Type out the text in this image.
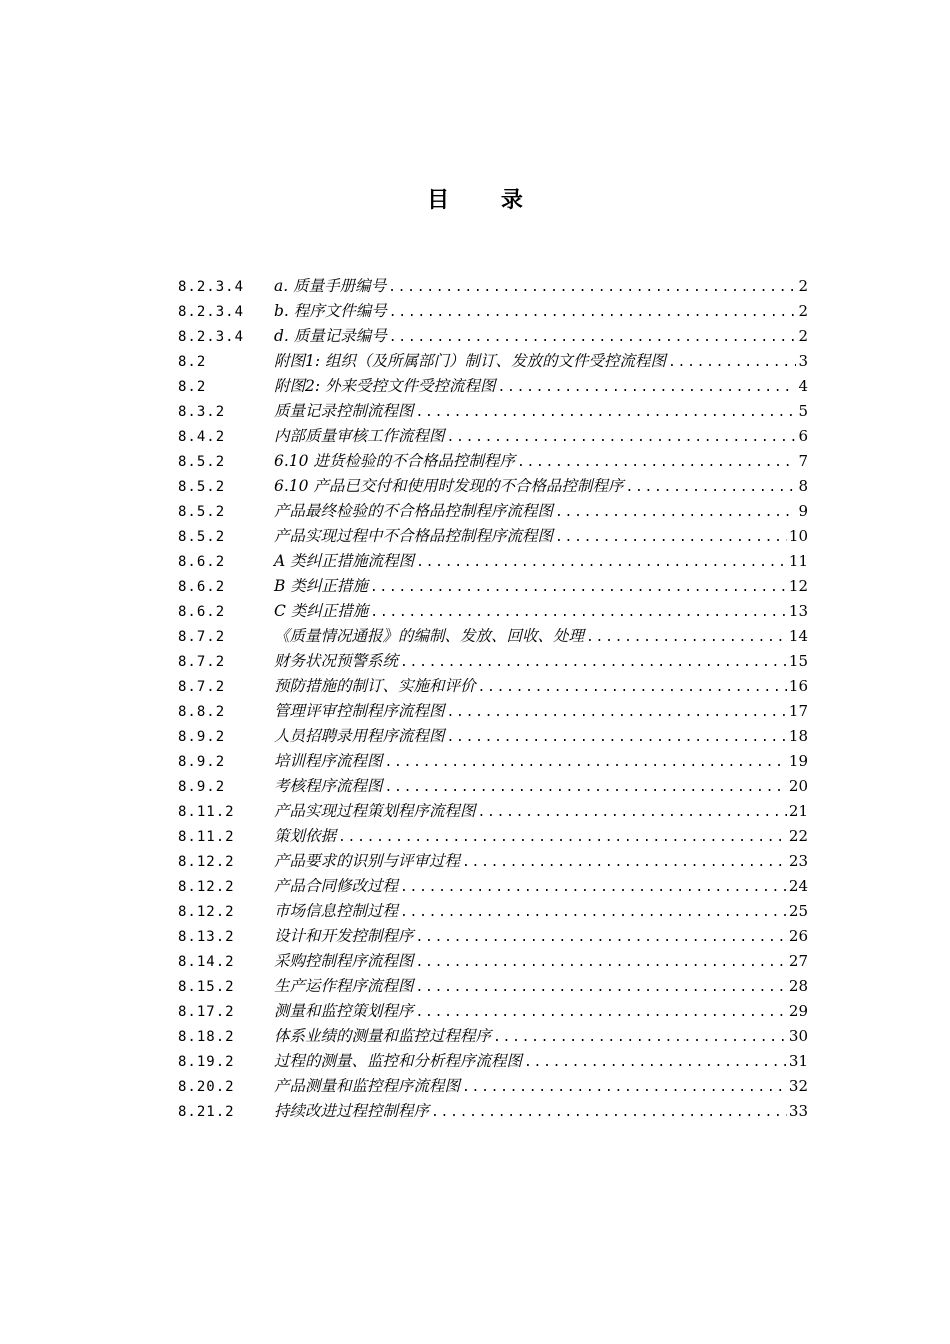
目 录
8.2.3.4	a. 质量手册编号 .....	2
8.2.3.4	b. 程序文件编号 .....	2
8.2.3.4	d. 质量记录编号 .....	2
8.2	附图1: 组织（及所属部门）制订、发放的文件受控流程图 .....	3
8.2	附图2: 外来受控文件受控流程图 .....	4
8.3.2	质量记录控制流程图 .....	5
8.4.2	内部质量审核工作流程图 .....	6
8.5.2	6.10 进货检验的不合格品控制程序 .....	7
8.5.2	6.10 产品已交付和使用时发现的不合格品控制程序 .....	8
8.5.2	产品最终检验的不合格品控制程序流程图 .....	9
8.5.2	产品实现过程中不合格品控制程序流程图 .....	10
8.6.2	A 类纠正措施流程图 .....	11
8.6.2	B 类纠正措施 .....	12
8.6.2	C 类纠正措施 .....	13
8.7.2	《质量情况通报》的编制、发放、回收、处理 .....	14
8.7.2	财务状况预警系统 .....	15
8.7.2	预防措施的制订、实施和评价 .....	16
8.8.2	管理评审控制程序流程图 .....	17
8.9.2	人员招聘录用程序流程图 .....	18
8.9.2	培训程序流程图 .....	19
8.9.2	考核程序流程图 .....	20
8.11.2	产品实现过程策划程序流程图 .....	21
8.11.2	策划依据 .....	22
8.12.2	产品要求的识别与评审过程 .....	23
8.12.2	产品合同修改过程 .....	24
8.12.2	市场信息控制过程 .....	25
8.13.2	设计和开发控制程序 .....	26
8.14.2	采购控制程序流程图 .....	27
8.15.2	生产运作程序流程图 .....	28
8.17.2	测量和监控策划程序 .....	29
8.18.2	体系业绩的测量和监控过程程序 .....	30
8.19.2	过程的测量、监控和分析程序流程图 .....	31
8.20.2	产品测量和监控程序流程图 .....	32
8.21.2	持续改进过程控制程序 .....	33
